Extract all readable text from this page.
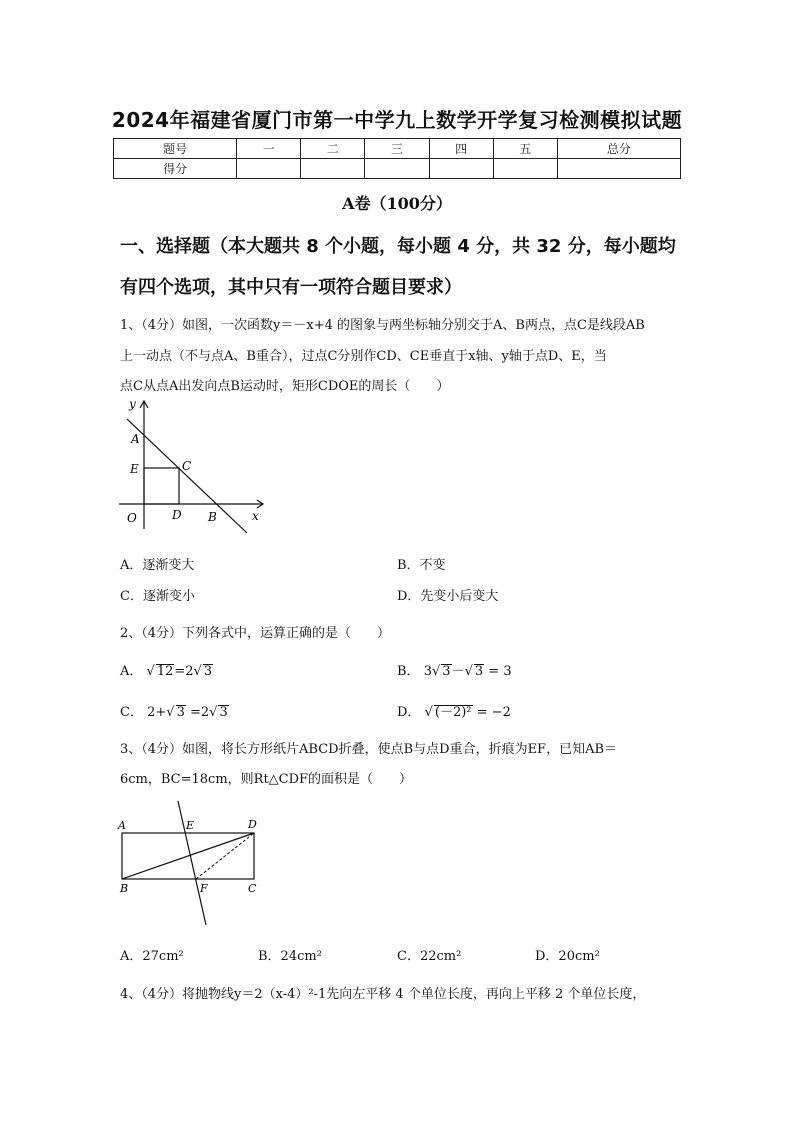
2024年福建省厦门市第一中学九上数学开学复习检测模拟试题
题号	一	二	三	四	五	总分
得分						
A卷（100分）
一、选择题（本大题共 8 个小题，每小题 4 分，共 32 分，每小题均
有四个选项，其中只有一项符合题目要求）
1、（4分）如图，一次函数y＝－x+4 的图象与两坐标轴分别交于A、B两点，点C是线段AB
上一动点（不与点A、B重合），过点C分别作CD、CE垂直于x轴、y轴于点D、E，当
点C从点A出发向点B运动时，矩形CDOE的周长（　　）
y
A
E	C
O	D B	x
A．逐渐变大	B．不变
C．逐渐变小	D．先变小后变大
2、（4分）下列各式中，运算正确的是（　　）
A． √ 12=2√ 3	B． 3√ 3－√ 3 = 3
C． 2+√ 3 =2√ 3	D． √ (－2)² = −2
3、（4分）如图，将长方形纸片ABCD折叠，使点B与点D重合，折痕为EF，已知AB＝
6cm，BC=18cm，则Rt△CDF的面积是（　　）
A	E	D
B	F	C
A．27cm²	B．24cm²	C．22cm²	D．20cm²
4、（4分）将抛物线y＝2（x-4）²-1先向左平移 4 个单位长度，再向上平移 2 个单位长度，
